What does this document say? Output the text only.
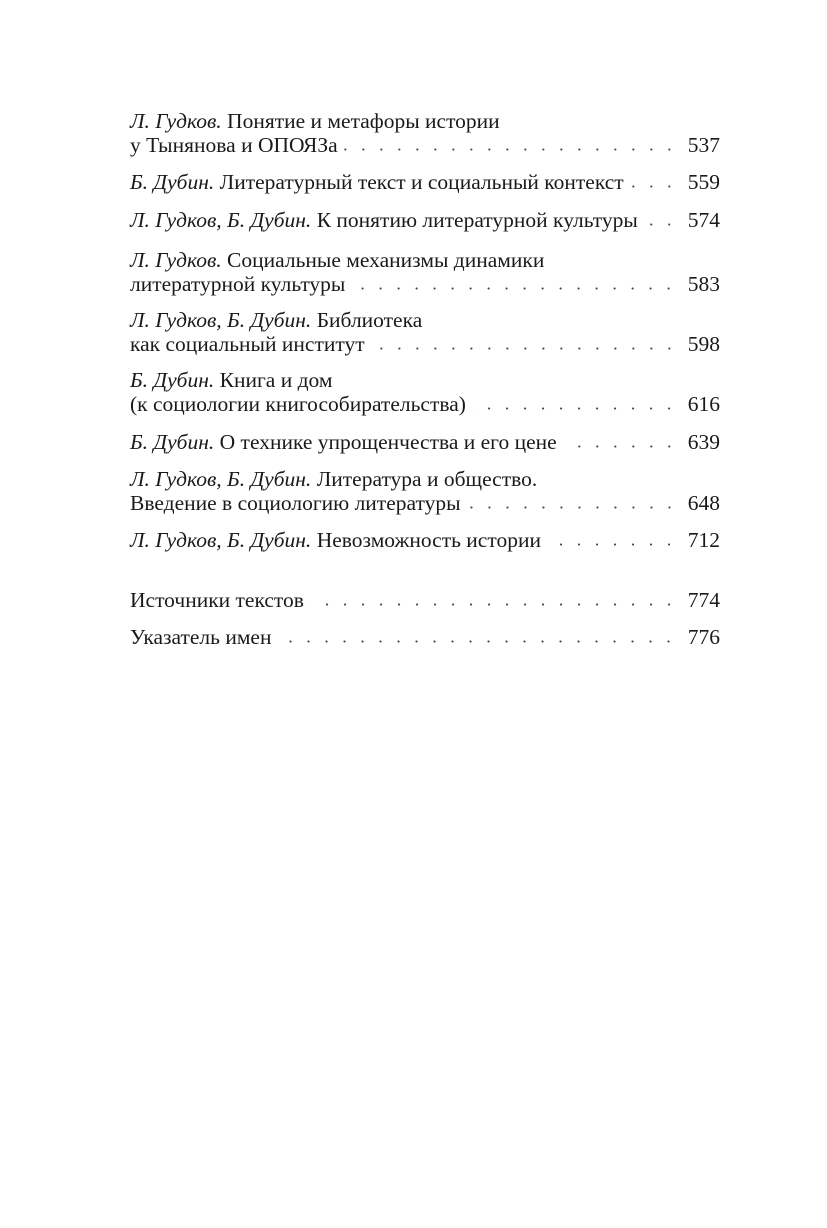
Л. Гудков. Понятие и метафоры истории
у Тынянова и ОПОЯЗа	537
Б. Дубин. Литературный текст и социальный контекст	559
Л. Гудков, Б. Дубин. К понятию литературной культуры 574
Л. Гудков. Социальные механизмы динамики
литературной культуры	583
Л. Гудков, Б. Дубин. Библиотека
как социальный институт	598
Б. Дубин. Книга и дом
(к социологии книгособирательства)	616
Б. Дубин. О технике упрощенчества и его цене	639
Л. Гудков, Б. Дубин. Литература и общество.
Введение в социологию литературы	648
Л. Гудков, Б. Дубин. Невозможность истории	712
Источники текстов	774
Указатель имен	776
